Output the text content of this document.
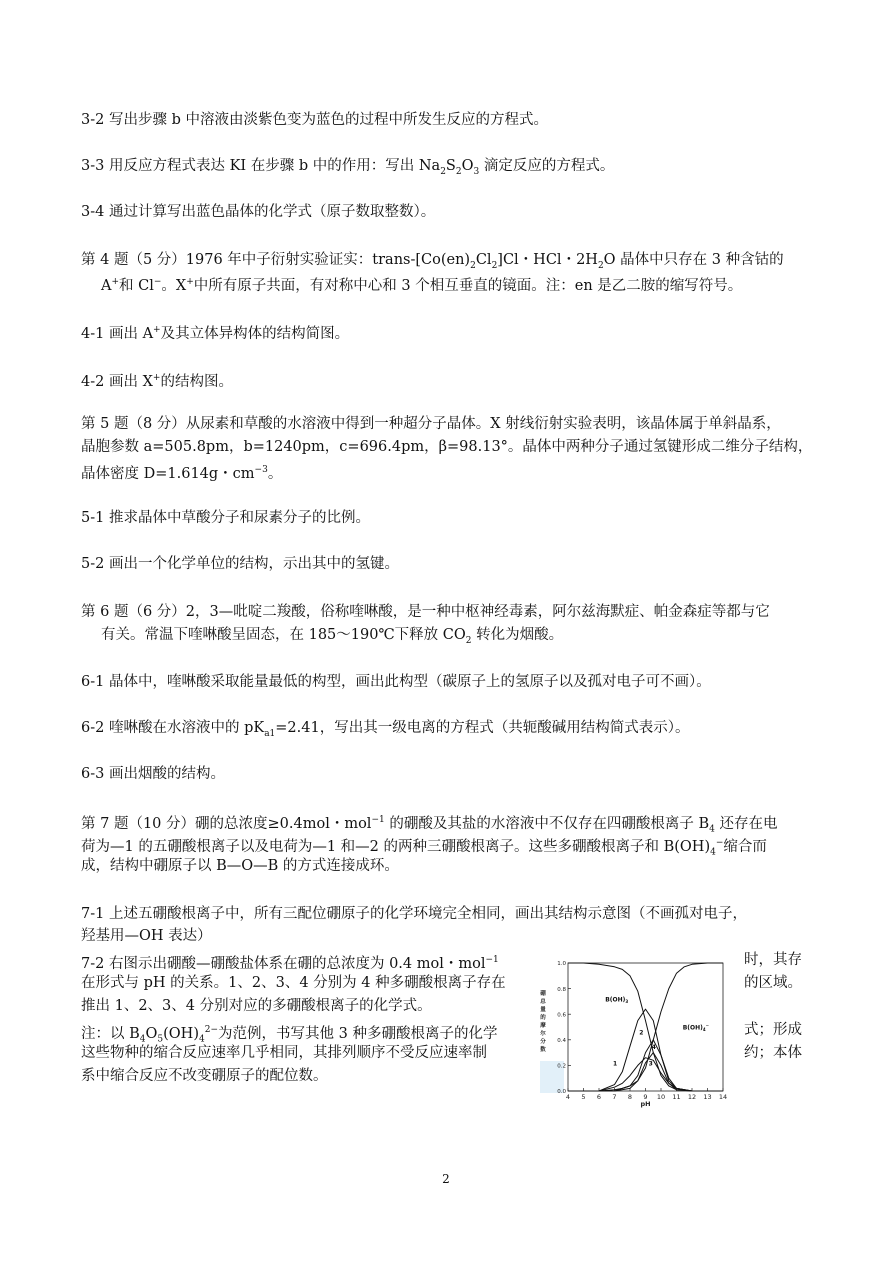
3-2 写出步骤 b 中溶液由淡紫色变为蓝色的过程中所发生反应的方程式。
3-3 用反应方程式表达 KI 在步骤 b 中的作用：写出 $Na_2S_2O_3$ 滴定反应的方程式。
3-4 通过计算写出蓝色晶体的化学式（原子数取整数）。
第 4 题（5 分）1976 年中子衍射实验证实：trans-$[Co(en)_2Cl_2]Cl$・HCl・$2H_2O$ 晶体中只存在 3 种含钴的
A+和 Cl−。X+中所有原子共面，有对称中心和 3 个相互垂直的镜面。注：en 是乙二胺的缩写符号。
4-1 画出 A+及其立体异构体的结构简图。
4-2 画出 X+的结构图。
第 5 题（8 分）从尿素和草酸的水溶液中得到一种超分子晶体。X 射线衍射实验表明，该晶体属于单斜晶系，
晶胞参数 a=505.8pm，b=1240pm，c=696.4pm，β=98.13°。晶体中两种分子通过氢键形成二维分子结构，
晶体密度 D=1.614g・$cm^{-3}$。
5-1 推求晶体中草酸分子和尿素分子的比例。
5-2 画出一个化学单位的结构，示出其中的氢键。
第 6 题（6 分）2，3—吡啶二羧酸，俗称喹啉酸，是一种中枢神经毒素，阿尔兹海默症、帕金森症等都与它
有关。常温下喹啉酸呈固态，在 185～190℃下释放 $CO_2$ 转化为烟酸。
6-1 晶体中，喹啉酸采取能量最低的构型，画出此构型（碳原子上的氢原子以及孤对电子可不画）。
6-2 喹啉酸在水溶液中的 $pK_{a1}=2.41$，写出其一级电离的方程式（共轭酸碱用结构简式表示）。
6-3 画出烟酸的结构。
第 7 题（10 分）硼的总浓度≥0.4mol・mol$^{-1}$ 的硼酸及其盐的水溶液中不仅存在四硼酸根离子 $B_4$ 还存在电
荷为—1 的五硼酸根离子以及电荷为—1 和—2 的两种三硼酸根离子。这些多硼酸根离子和 $B(OH)_4^-$缩合而
成，结构中硼原子以 B—O—B 的方式连接成环。
7-1 上述五硼酸根离子中，所有三配位硼原子的化学环境完全相同，画出其结构示意图（不画孤对电子，
羟基用—OH 表达）
7-2 右图示出硼酸—硼酸盐体系在硼的总浓度为 0.4 mol・mol$^{-1}$	时，其存
在形式与 pH 的关系。1、2、3、4 分别为 4 种多硼酸根离子存在	的区域。
推出 1、2、3、4 分别对应的多硼酸根离子的化学式。
注：以 $B_4O_5(OH)_4^{2-}$为范例，书写其他 3 种多硼酸根离子的化学	式；形成
这些物种的缩合反应速率几乎相同，其排列顺序不受反应速率制	约；本体
系中缩合反应不改变硼原子的配位数。
4 5 6 7 8 9 10 11 12 13 14
0.0
0.2
0.4
0.6
0.8
1.0
pH
硼
总
量
的
摩
尔
分
数
$B(OH)_3$
$B(OH)_4^-$
1
2
4
3
2
